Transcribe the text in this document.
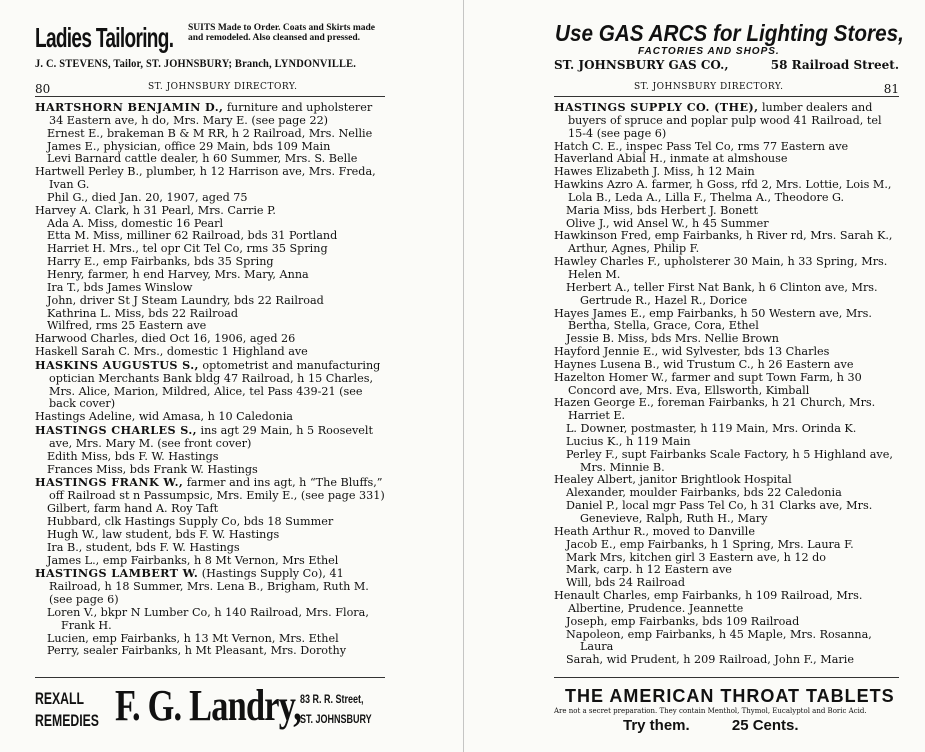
Ladies Tailoring. SUITS Made to Order. Coats and Skirts made and remodeled. Also cleansed and pressed.
J. C. STEVENS, Tailor, ST. JOHNSBURY; Branch, LYNDONVILLE.
80	ST. JOHNSBURY DIRECTORY.
HARTSHORN BENJAMIN D., furniture and upholsterer 34 Eastern ave, h do, Mrs. Mary E. (see page 22)
Ernest E., brakeman B & M RR, h 2 Railroad, Mrs. Nellie
James E., physician, office 29 Main, bds 109 Main
Levi Barnard cattle dealer, h 60 Summer, Mrs. S. Belle
Hartwell Perley B., plumber, h 12 Harrison ave, Mrs. Freda, Ivan G.
Phil G., died Jan. 20, 1907, aged 75
Harvey A. Clark, h 31 Pearl, Mrs. Carrie P.
Ada A. Miss, domestic 16 Pearl
Etta M. Miss, milliner 62 Railroad, bds 31 Portland
Harriet H. Mrs., tel opr Cit Tel Co, rms 35 Spring
Harry E., emp Fairbanks, bds 35 Spring
Henry, farmer, h end Harvey, Mrs. Mary, Anna
Ira T., bds James Winslow
John, driver St J Steam Laundry, bds 22 Railroad
Kathrina L. Miss, bds 22 Railroad
Wilfred, rms 25 Eastern ave
Harwood Charles, died Oct 16, 1906, aged 26
Haskell Sarah C. Mrs., domestic 1 Highland ave
HASKINS AUGUSTUS S., optometrist and manufacturing optician Merchants Bank bldg 47 Railroad, h 15 Charles, Mrs. Alice, Marion, Mildred, Alice, tel Pass 439-21 (see back cover)
Hastings Adeline, wid Amasa, h 10 Caledonia
HASTINGS CHARLES S., ins agt 29 Main, h 5 Roosevelt ave, Mrs. Mary M. (see front cover)
Edith Miss, bds F. W. Hastings
Frances Miss, bds Frank W. Hastings
HASTINGS FRANK W., farmer and ins agt, h “The Bluffs,” off Railroad st n Passumpsic, Mrs. Emily E., (see page 331)
Gilbert, farm hand A. Roy Taft
Hubbard, clk Hastings Supply Co, bds 18 Summer
Hugh W., law student, bds F. W. Hastings
Ira B., student, bds F. W. Hastings
James L., emp Fairbanks, h 8 Mt Vernon, Mrs Ethel
HASTINGS LAMBERT W. (Hastings Supply Co), 41 Railroad, h 18 Summer, Mrs. Lena B., Brigham, Ruth M. (see page 6)
Loren V., bkpr N Lumber Co, h 140 Railroad, Mrs. Flora, Frank H.
Lucien, emp Fairbanks, h 13 Mt Vernon, Mrs. Ethel
Perry, sealer Fairbanks, h Mt Pleasant, Mrs. Dorothy
REXALL
REMEDIES F. G. Landry, 83 R. R. Street,
ST. JOHNSBURY
Use GAS ARCS for Lighting Stores,
FACTORIES AND SHOPS.
ST. JOHNSBURY GAS CO.,	58 Railroad Street.
ST. JOHNSBURY DIRECTORY.	81
HASTINGS SUPPLY CO. (THE), lumber dealers and buyers of spruce and poplar pulp wood 41 Railroad, tel 15-4 (see page 6)
Hatch C. E., inspec Pass Tel Co, rms 77 Eastern ave
Haverland Abial H., inmate at almshouse
Hawes Elizabeth J. Miss, h 12 Main
Hawkins Azro A. farmer, h Goss, rfd 2, Mrs. Lottie, Lois M., Lola B., Leda A., Lilla F., Thelma A., Theodore G.
Maria Miss, bds Herbert J. Bonett
Olive J., wid Ansel W., h 45 Summer
Hawkinson Fred, emp Fairbanks, h River rd, Mrs. Sarah K., Arthur, Agnes, Philip F.
Hawley Charles F., upholsterer 30 Main, h 33 Spring, Mrs. Helen M.
Herbert A., teller First Nat Bank, h 6 Clinton ave, Mrs. Gertrude R., Hazel R., Dorice
Hayes James E., emp Fairbanks, h 50 Western ave, Mrs. Bertha, Stella, Grace, Cora, Ethel
Jessie B. Miss, bds Mrs. Nellie Brown
Hayford Jennie E., wid Sylvester, bds 13 Charles
Haynes Lusena B., wid Trustum C., h 26 Eastern ave
Hazelton Homer W., farmer and supt Town Farm, h 30 Concord ave, Mrs. Eva, Ellsworth, Kimball
Hazen George E., foreman Fairbanks, h 21 Church, Mrs. Harriet E.
L. Downer, postmaster, h 119 Main, Mrs. Orinda K.
Lucius K., h 119 Main
Perley F., supt Fairbanks Scale Factory, h 5 Highland ave, Mrs. Minnie B.
Healey Albert, janitor Brightlook Hospital
Alexander, moulder Fairbanks, bds 22 Caledonia
Daniel P., local mgr Pass Tel Co, h 31 Clarks ave, Mrs. Genevieve, Ralph, Ruth H., Mary
Heath Arthur R., moved to Danville
Jacob E., emp Fairbanks, h 1 Spring, Mrs. Laura F.
Mark Mrs, kitchen girl 3 Eastern ave, h 12 do
Mark, carp. h 12 Eastern ave
Will, bds 24 Railroad
Henault Charles, emp Fairbanks, h 109 Railroad, Mrs. Albertine, Prudence. Jeannette
Joseph, emp Fairbanks, bds 109 Railroad
Napoleon, emp Fairbanks, h 45 Maple, Mrs. Rosanna, Laura
Sarah, wid Prudent, h 209 Railroad, John F., Marie
THE AMERICAN THROAT TABLETS
Are not a secret preparation. They contain Menthol, Thymol, Eucalyptol and Boric Acid.
Try them.	25 Cents.
